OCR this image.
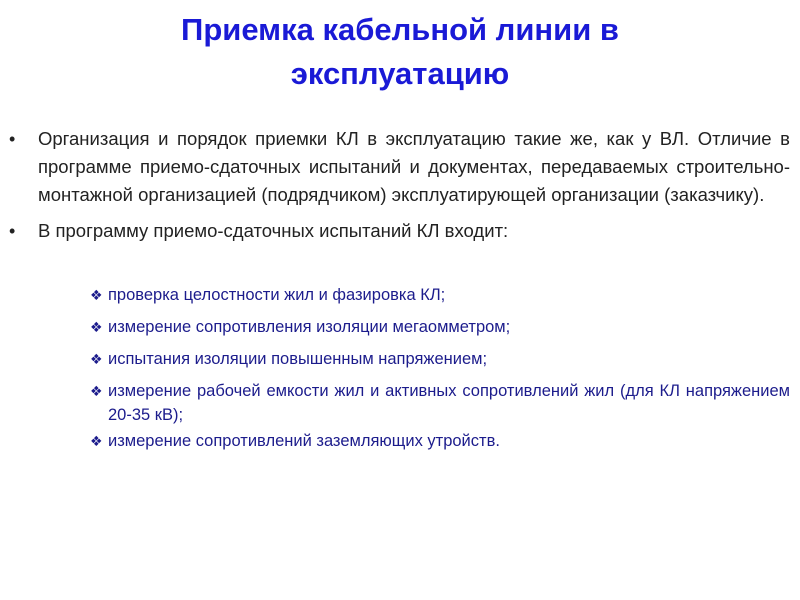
Приемка кабельной линии в эксплуатацию
• Организация и порядок приемки КЛ в эксплуатацию такие же, как у ВЛ. Отличие в программе приемо-сдаточных испытаний и документах, передаваемых строительно-монтажной организацией (подрядчиком) эксплуатирующей организации (заказчику).
• В программу приемо-сдаточных испытаний КЛ входит:
❖ проверка целостности жил и фазировка КЛ;
❖ измерение сопротивления изоляции мегаомметром;
❖ испытания изоляции повышенным напряжением;
❖ измерение рабочей емкости жил и активных сопротивлений жил (для КЛ напряжением 20-35 кВ);
❖ измерение сопротивлений заземляющих утройств.
